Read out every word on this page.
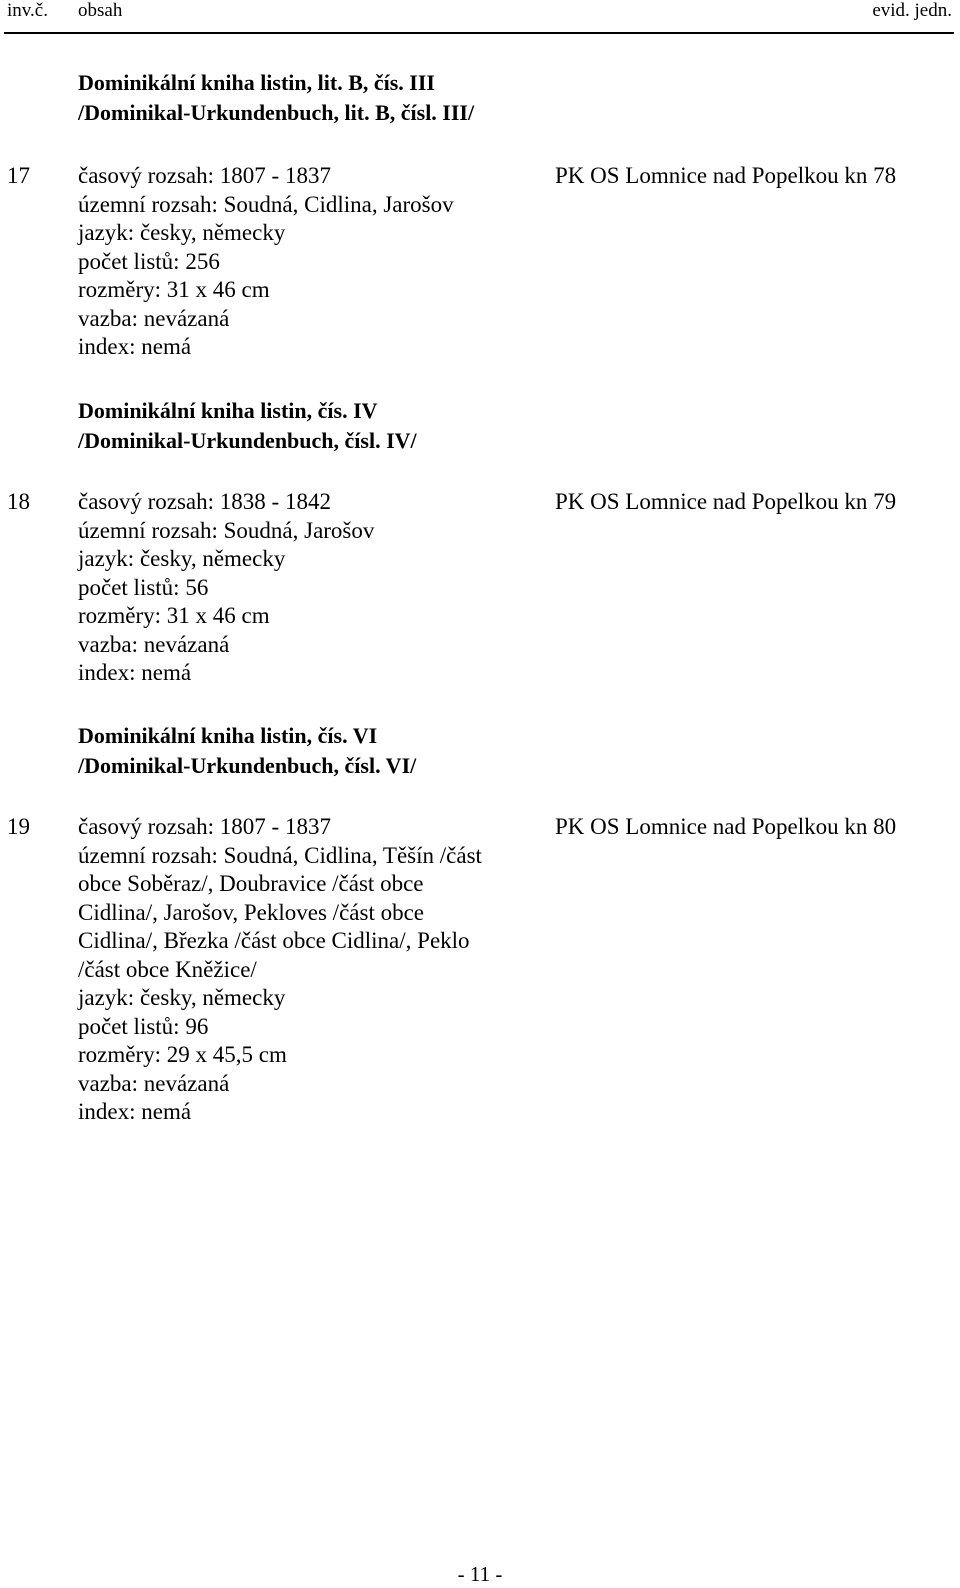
inv.č. obsah	evid. jedn.
Dominikální kniha listin, lit. B, čís. III
/Dominikal-Urkundenbuch, lit. B, čísl. III/
17 časový rozsah: 1807 - 1837
územní rozsah: Soudná, Cidlina, Jarošov
jazyk: česky, německy
počet listů: 256
rozměry: 31 x 46 cm
vazba: nevázaná
index: nemá
PK OS Lomnice nad Popelkou kn 78
Dominikální kniha listin, čís. IV
/Dominikal-Urkundenbuch, čísl. IV/
18 časový rozsah: 1838 - 1842
územní rozsah: Soudná, Jarošov
jazyk: česky, německy
počet listů: 56
rozměry: 31 x 46 cm
vazba: nevázaná
index: nemá
PK OS Lomnice nad Popelkou kn 79
Dominikální kniha listin, čís. VI
/Dominikal-Urkundenbuch, čísl. VI/
19 časový rozsah: 1807 - 1837
územní rozsah: Soudná, Cidlina, Těšín /část
obce Soběraz/, Doubravice /část obce
Cidlina/, Jarošov, Pekloves /část obce
Cidlina/, Březka /část obce Cidlina/, Peklo
/část obce Kněžice/
jazyk: česky, německy
počet listů: 96
rozměry: 29 x 45,5 cm
vazba: nevázaná
index: nemá
PK OS Lomnice nad Popelkou kn 80
- 11 -
